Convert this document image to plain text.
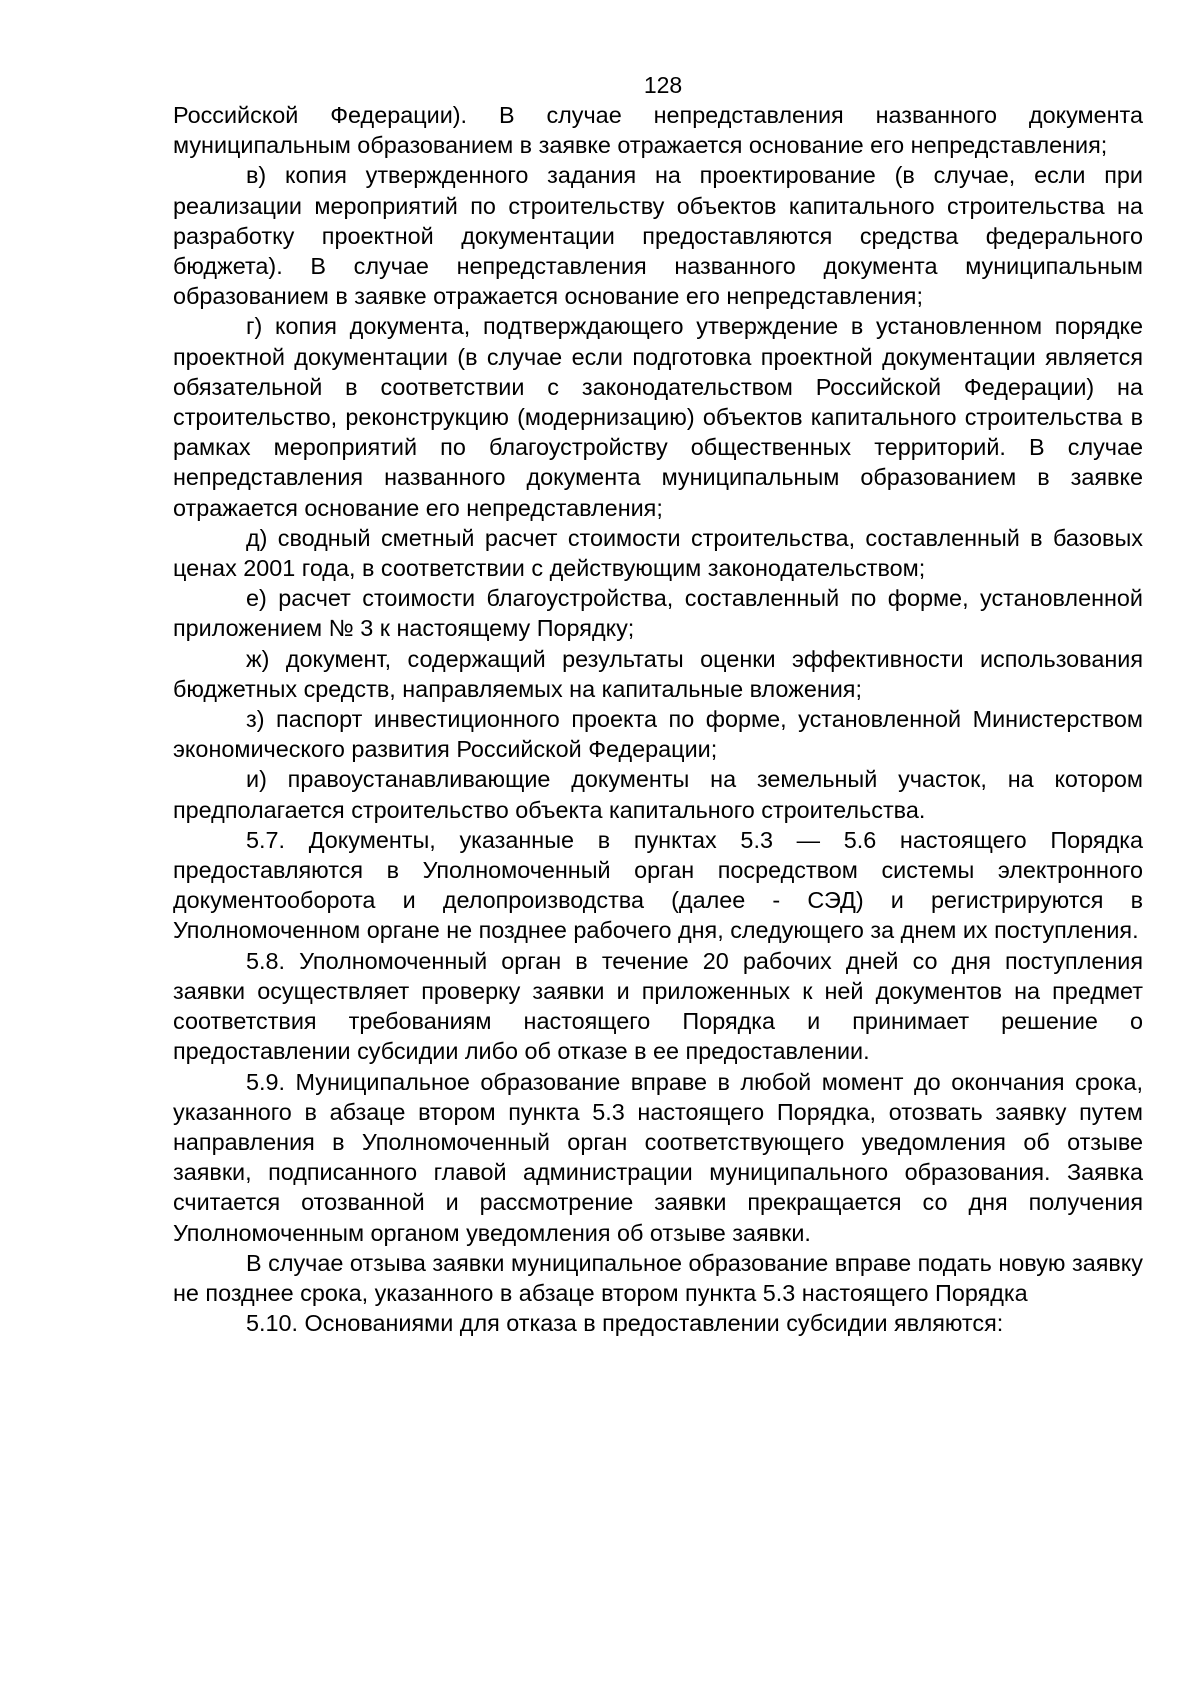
128

Российской Федерации). В случае непредставления названного документа муниципальным образованием в заявке отражается основание его непредставления;

в) копия утвержденного задания на проектирование (в случае, если при реализации мероприятий по строительству объектов капитального строительства на разработку проектной документации предоставляются средства федерального бюджета). В случае непредставления названного документа муниципальным образованием в заявке отражается основание его непредставления;

г) копия документа, подтверждающего утверждение в установленном порядке проектной документации (в случае если подготовка проектной документации является обязательной в соответствии с законодательством Российской Федерации) на строительство, реконструкцию (модернизацию) объектов капитального строительства в рамках мероприятий по благоустройству общественных территорий. В случае непредставления названного документа муниципальным образованием в заявке отражается основание его непредставления;

д) сводный сметный расчет стоимости строительства, составленный в базовых ценах 2001 года, в соответствии с действующим законодательством;

е) расчет стоимости благоустройства, составленный по форме, установленной приложением № 3 к настоящему Порядку;

ж) документ, содержащий результаты оценки эффективности использования бюджетных средств, направляемых на капитальные вложения;

з) паспорт инвестиционного проекта по форме, установленной Министерством экономического развития Российской Федерации;

и) правоустанавливающие документы на земельный участок, на котором предполагается строительство объекта капитального строительства.

5.7. Документы, указанные в пунктах 5.3 — 5.6 настоящего Порядка предоставляются в Уполномоченный орган посредством системы электронного документооборота и делопроизводства (далее - СЭД) и регистрируются в Уполномоченном органе не позднее рабочего дня, следующего за днем их поступления.

5.8. Уполномоченный орган в течение 20 рабочих дней со дня поступления заявки осуществляет проверку заявки и приложенных к ней документов на предмет соответствия требованиям настоящего Порядка и принимает решение о предоставлении субсидии либо об отказе в ее предоставлении.

5.9. Муниципальное образование вправе в любой момент до окончания срока, указанного в абзаце втором пункта 5.3 настоящего Порядка, отозвать заявку путем направления в Уполномоченный орган соответствующего уведомления об отзыве заявки, подписанного главой администрации муниципального образования. Заявка считается отозванной и рассмотрение заявки прекращается со дня получения Уполномоченным органом уведомления об отзыве заявки.

В случае отзыва заявки муниципальное образование вправе подать новую заявку не позднее срока, указанного в абзаце втором пункта 5.3 настоящего Порядка

5.10. Основаниями для отказа в предоставлении субсидии являются:
